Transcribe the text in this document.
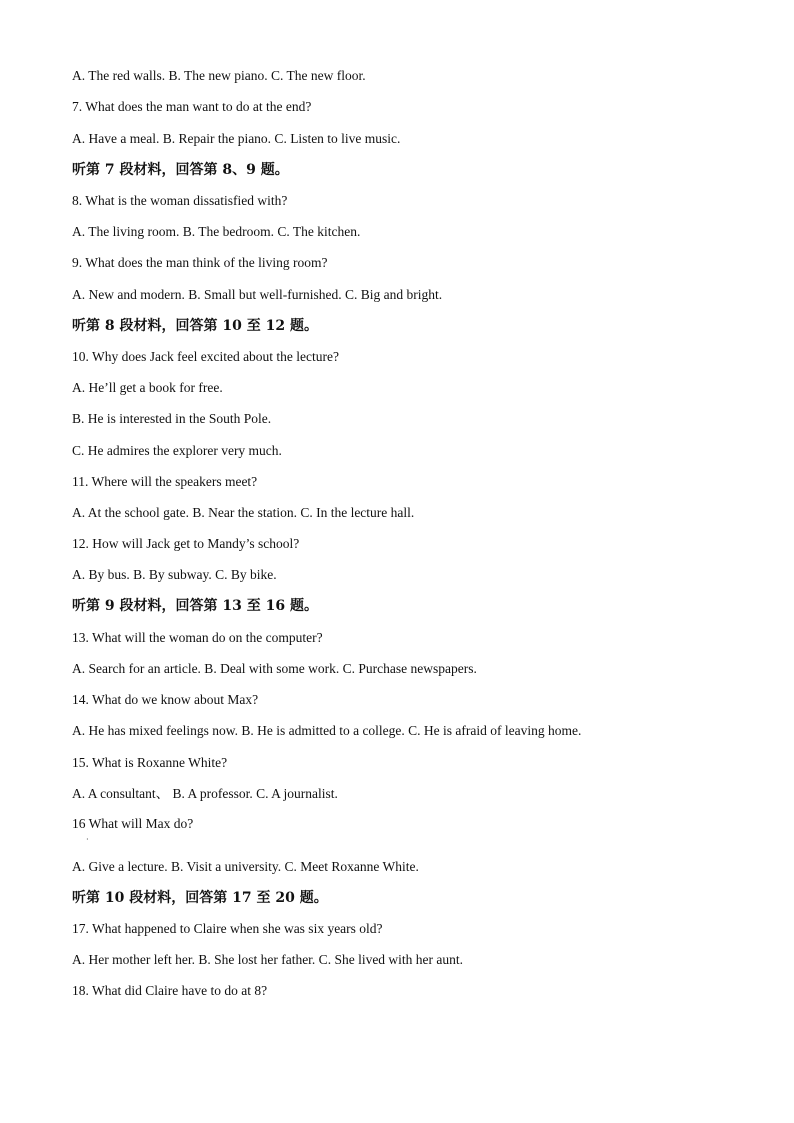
A. The red walls. B. The new piano. C. The new floor.
7. What does the man want to do at the end?
A. Have a meal. B. Repair the piano. C. Listen to live music.
听第 7 段材料，回答第 8、9 题。
8. What is the woman dissatisfied with?
A. The living room. B. The bedroom. C. The kitchen.
9. What does the man think of the living room?
A. New and modern. B. Small but well-furnished. C. Big and bright.
听第 8 段材料，回答第 10 至 12 题。
10. Why does Jack feel excited about the lecture?
A. He’ll get a book for free.
B. He is interested in the South Pole.
C. He admires the explorer very much.
11. Where will the speakers meet?
A. At the school gate. B. Near the station. C. In the lecture hall.
12. How will Jack get to Mandy’s school?
A. By bus. B. By subway. C. By bike.
听第 9 段材料，回答第 13 至 16 题。
13. What will the woman do on the computer?
A. Search for an article. B. Deal with some work. C. Purchase newspapers.
14. What do we know about Max?
A. He has mixed feelings now. B. He is admitted to a college. C. He is afraid of leaving home.
15. What is Roxanne White?
A. A consultant、 B. A professor. C. A journalist.
16 What will Max do?
·
A. Give a lecture. B. Visit a university. C. Meet Roxanne White.
听第 10 段材料，回答第 17 至 20 题。
17. What happened to Claire when she was six years old?
A. Her mother left her. B. She lost her father. C. She lived with her aunt.
18. What did Claire have to do at 8?
